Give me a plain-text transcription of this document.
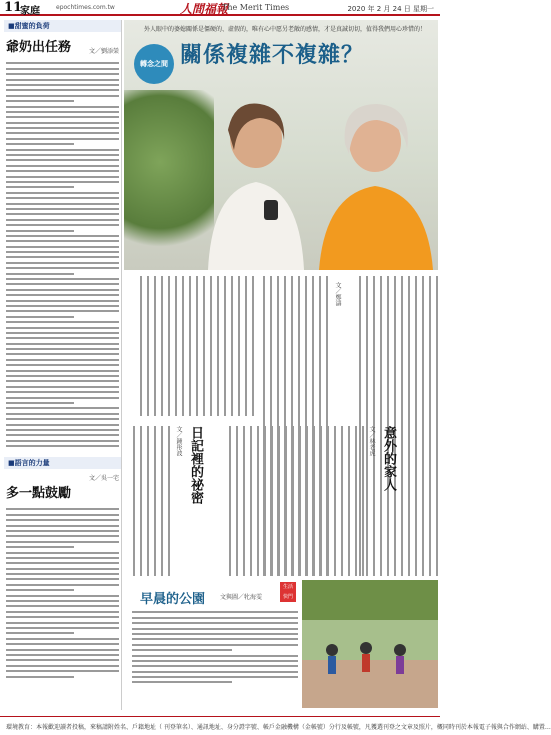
11
家庭	epochtimes.com.tw	人間福報
The Merit Times	2020 年 2 月 24 日 星期一
■甜蜜的負荷
爺奶出任務	文／劉添榮
■語言的力量
文／吳一宅
多一點鼓勵
外人眼中的婆媳關係是僵硬的、虛假的，唯有心中愿另老敞的感情，才是真誠切切，值得我們用心珍惜的！
轉念之間 關係複雜不複雜？
文／鄭濤
意外的家人
文／林老虎
日記裡的祕密
文／鍾彤波
早晨的公園 文與圖／牝海雯
生活 快門
環境教育：本報歡迎讀者投稿，來稿請附姓名、戶籍地址（ 刊登筆名）、通訊地址、身分證字號、帳戶金融機構（金帳號）分行及帳號，凡獲選刊登之文章及照片，概同時刊於本報電子報與合作網站、購置…
